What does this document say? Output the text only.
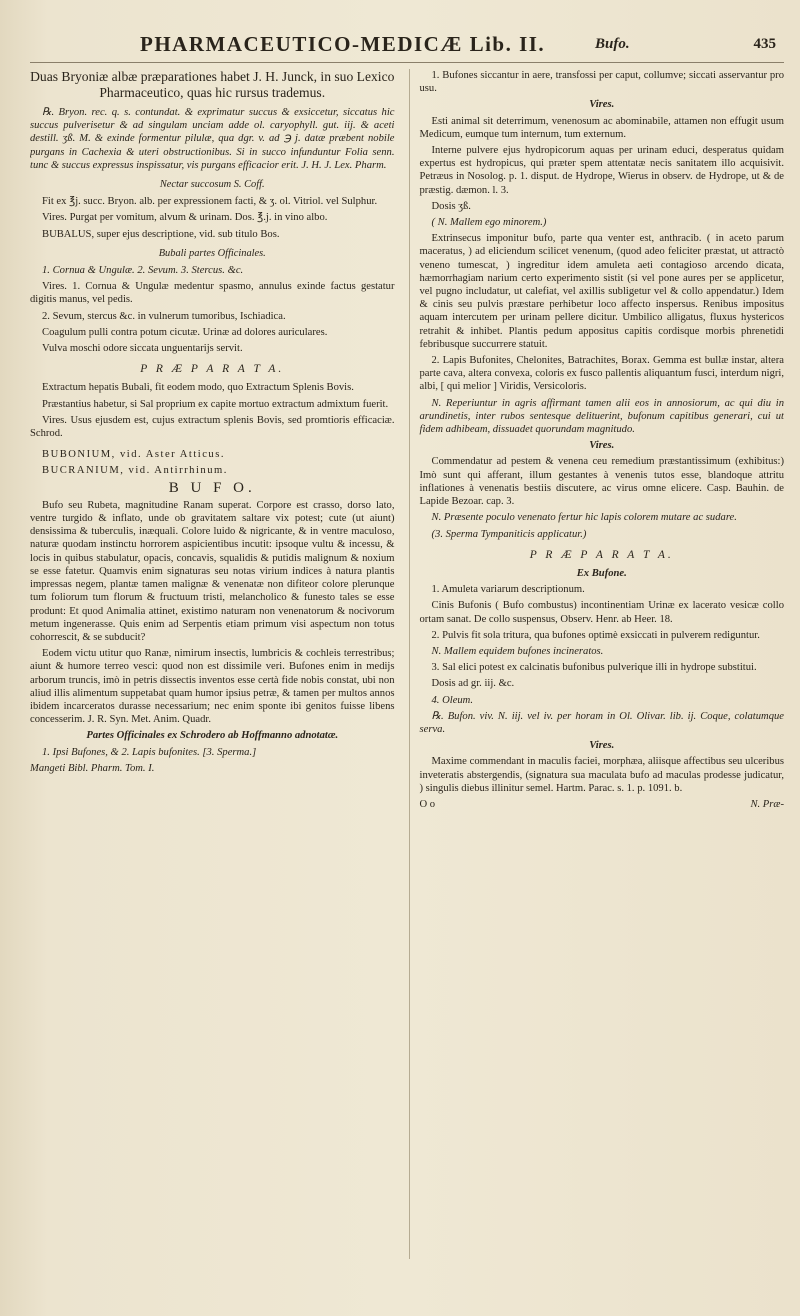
PHARMACEUTICO-MEDICÆ Lib. II.	Bufo.	435

Duas Bryoniæ albæ præparationes habet J. H. Junck, in suo Lexico Pharmaceutico, quas hic rursus trademus.

℞. Bryon. rec. q. s. contundat. & exprimatur succus & exsiccetur, siccatus hic succus pulverisetur & ad singulam unciam adde ol. caryophyll. gut. iij. & aceti destill. ʒß. M. & exinde formentur pilulæ, qua dgr. v. ad ℈ j. datæ præbent nobile purgans in Cachexia & uteri obstructionibus. Si in succo infunduntur Folia senn. tunc & succus expressus inspissatur, vis purgans efficacior erit. J. H. J. Lex. Pharm.

Nectar succosum S. Coff.

Fit ex ℥j. succ. Bryon. alb. per expressionem facti, & ʒ. ol. Vitriol. vel Sulphur.

Vires. Purgat per vomitum, alvum & urinam. Dos. ℥.j. in vino albo.

BUBALUS, super ejus descriptione, vid. sub titulo Bos.

Bubali partes Officinales.

1. Cornua & Ungulæ. 2. Sevum. 3. Stercus. &c.

Vires. 1. Cornua & Ungulæ medentur spasmo, annulus exinde factus gestatur digitis manus, vel pedis.

2. Sevum, stercus &c. in vulnerum tumoribus, Ischiadica.

Coagulum pulli contra potum cicutæ. Urinæ ad dolores auriculares.

Vulva moschi odore siccata unguentarijs servit.

P R Æ P A R A T A.

Extractum hepatis Bubali, fit eodem modo, quo Extractum Splenis Bovis.

Præstantius habetur, si Sal proprium ex capite mortuo extractum admixtum fuerit.

Vires. Usus ejusdem est, cujus extractum splenis Bovis, sed promtioris efficaciæ. Schrod.

BUBONIUM, vid. Aster Atticus.

BUCRANIUM, vid. Antirrhinum.

B U F O.

Bufo seu Rubeta, magnitudine Ranam superat. Corpore est crasso, dorso lato, ventre turgido & inflato, unde ob gravitatem saltare vix potest; cute (ut aiunt) densissima & tuberculis, inæquali. Colore luido & nigricante, & in ventre maculoso, naturæ quodam instinctu horrorem aspicientibus incutit: ipsoque vultu & incessu, & locis in quibus stabulatur, opacis, concavis, squalidis & putidis malignum & noxium se esse fatetur. Quamvis enim signaturas seu notas virium indices à natura plantis impressas negem, plantæ tamen malignæ & venenatæ non difiteor colore plerunque tum foliorum tum florum & fructuum tristi, melancholico & funesto tales se esse produnt: Et quod Animalia attinet, existimo naturam non venenatorum & nocivorum metum ingenerasse. Quis enim ad Serpentis etiam primum visi aspectum non totus cohorrescit, & se subducit?

Eodem victu utitur quo Ranæ, nimirum insectis, lumbricis & cochleis terrestribus; aiunt & humore terreo vesci: quod non est dissimile veri. Bufones enim in medijs arborum truncis, imò in petris dissectis inventos esse certà fide nobis constat, ubi non aliud illis alimentum suppetabat quam humor ipsius petræ, & tamen per multos annos ibidem incarceratos durasse necessarium; nec enim sponte ibi genitos fuisse libens concesserim. J. R. Syn. Met. Anim. Quadr.

Partes Officinales ex Schrodero ab Hoffmanno adnotatæ.

1. Ipsi Bufones, & 2. Lapis bufonites. [3. Sperma.]

Mangeti Bibl. Pharm. Tom. I.

1. Bufones siccantur in aere, transfossi per caput, collumve; siccati asservantur pro usu.

Vires.

Esti animal sit deterrimum, venenosum ac abominabile, attamen non effugit usum Medicum, eumque tum internum, tum externum.

Interne pulvere ejus hydropicorum aquas per urinam educi, desperatus quidam expertus est hydropicus, qui præter spem attentatæ necis sanitatem illo acquisivit. Petræus in Nosolog. p. 1. disput. de Hydrope, Wierus in observ. de Hydrope, ut & de præstig. dæmon. l. 3.

Dosis ʒß.

( N. Mallem ego minorem.)

Extrinsecus imponitur bufo, parte qua venter est, anthracib. ( in aceto parum maceratus, ) ad eliciendum scilicet venenum, (quod adeo feliciter præstat, ut attractò veneno tumescat, ) ingreditur idem amuleta aeti contagioso arcendo dicata, hæmorrhagiam narium certo experimento sistit (si vel pone aures per se applicetur, vel pugno includatur, ut calefiat, vel axillis subligetur vel & collo appendatur.) Idem & cinis seu pulvis præstare perhibetur loco affecto inspersus. Renibus impositus aquam intercutem per urinam pellere dicitur. Umbilico alligatus, fluxus hystericos retrahit & inhibet. Plantis pedum appositus capitis cordisque morbis phrenetidi febribusque succurrere statuit.

2. Lapis Bufonites, Chelonites, Batrachites, Borax. Gemma est bullæ instar, altera parte cava, altera convexa, coloris ex fusco pallentis aliquantum fusci, interdum nigri, albi, [ qui melior ] Viridis, Versicoloris.

N. Reperiuntur in agris affirmant tamen alii eos in annosiorum, ac qui diu in arundinetis, inter rubos sentesque delituerint, bufonum capitibus generari, cui ut fidem adhibeam, dissuadet quorundam magnitudo.

Vires.

Commendatur ad pestem & venena ceu remedium præstantissimum (exhibitus:) Imò sunt qui afferant, illum gestantes à venenis tutos esse, blandoque attritu inflationes à venenatis bestiis discutere, ac virus omne elicere. Casp. Bauhin. de Lapide Bezoar. cap. 3.

N. Præsente poculo venenato fertur hic lapis colorem mutare ac sudare.

(3. Sperma Tympaniticis applicatur.)

P R Æ P A R A T A.

Ex Bufone.

1. Amuleta variarum descriptionum.

Cinis Bufonis ( Bufo combustus) incontinentiam Urinæ ex lacerato vesicæ collo ortam sanat. De collo suspensus, Observ. Henr. ab Heer. 18.

2. Pulvis fit sola tritura, qua bufones optimè exsiccati in pulverem rediguntur.

N. Mallem equidem bufones incineratos.

3. Sal elici potest ex calcinatis bufonibus pulverique illi in hydrope substitui.

Dosis ad gr. iij. &c.

4. Oleum.

℞. Bufon. viv. N. iij. vel iv. per horam in Ol. Olivar. lib. ij. Coque, colatumque serva.

Vires.

Maxime commendant in maculis faciei, morphæa, aliisque affectibus seu ulceribus inveteratis abstergendis, (signatura sua maculata bufo ad maculas prodesse judicatur, ) singulis diebus illinitur semel. Hartm. Parac. s. 1. p. 1091. b.

O o	N. Præ-
